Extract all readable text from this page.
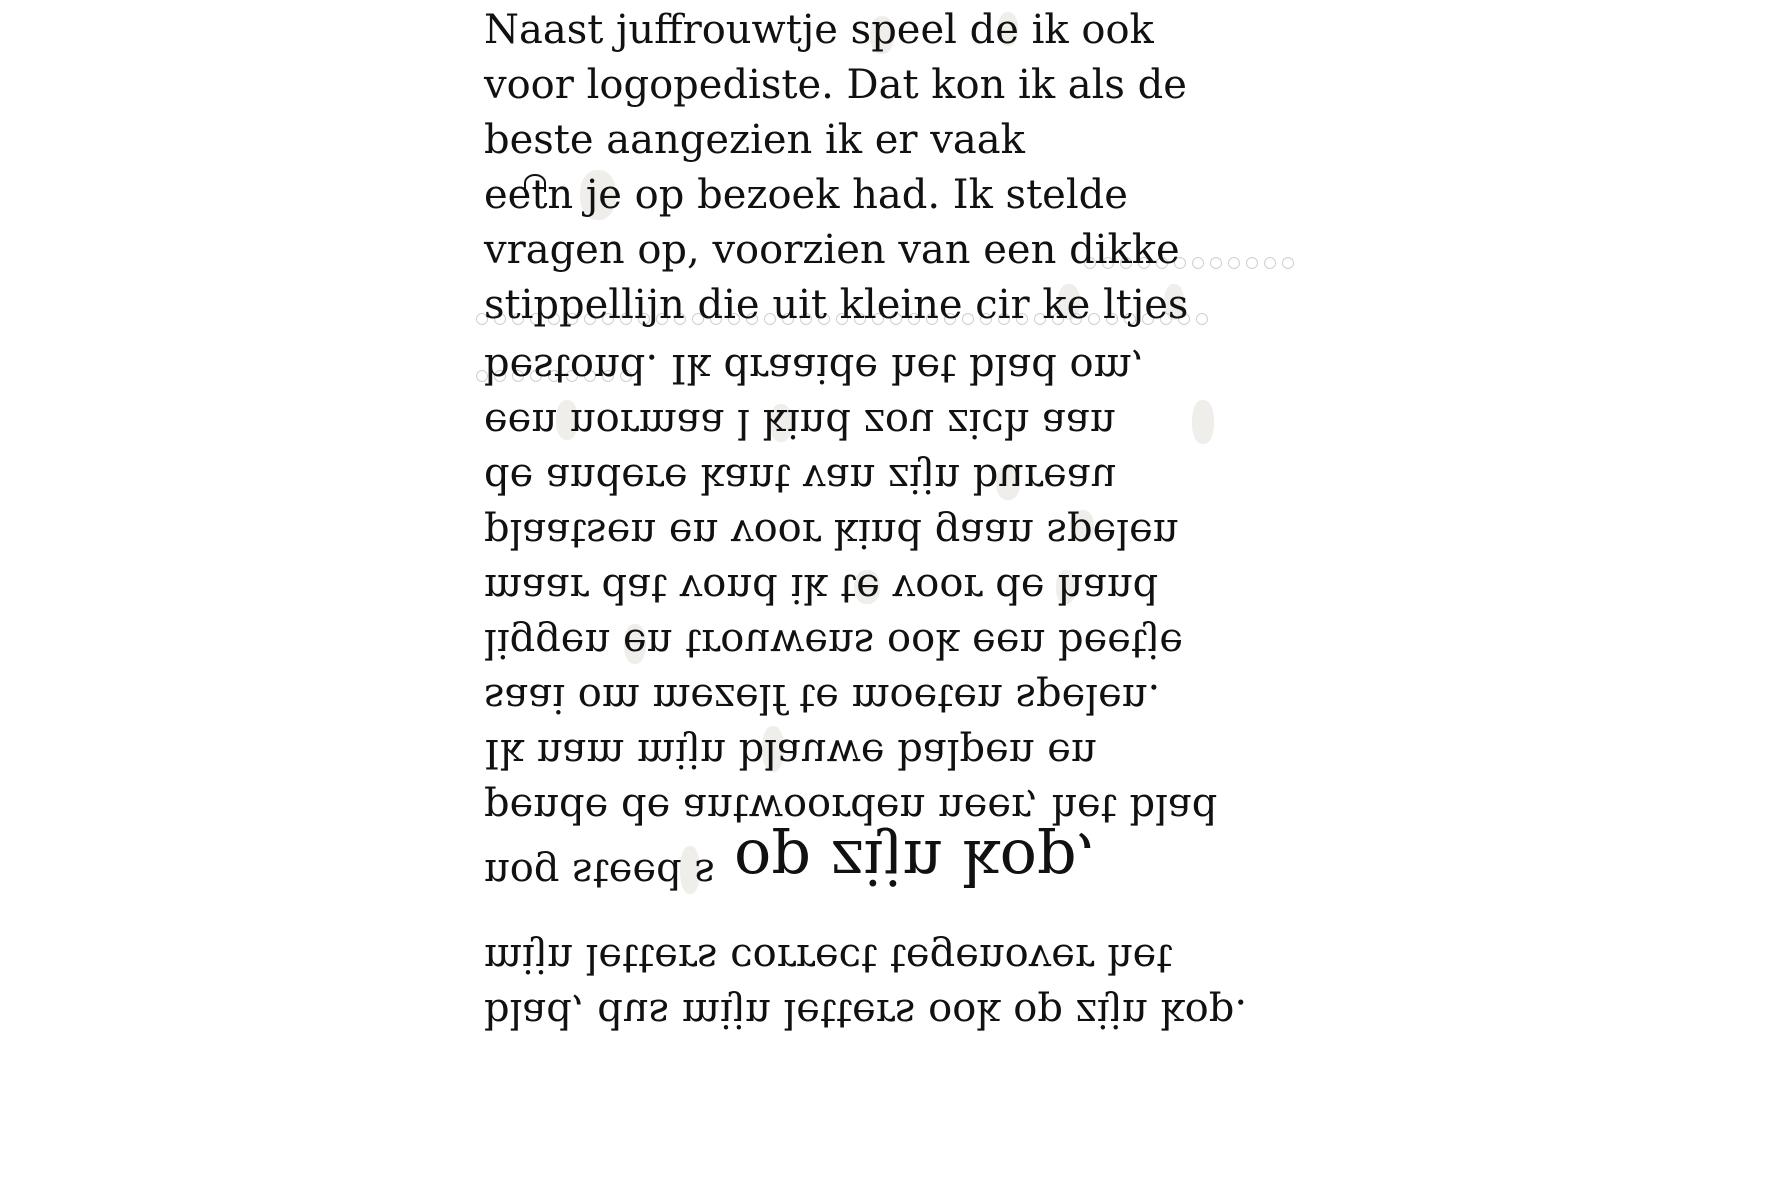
Naast juffrouwtje speel de ik ook
voor logopediste. Dat kon ik als de
beste aangezien ik er vaak
eetn je op bezoek had. Ik stelde
vragen op, voorzien van een dikke
stippellijn die uit kleine cir ke ltjes
bestond. Ik draaide het blad om,
een normaa l kind zou zich aan
de andere kant van zijn bureau
plaatsen en voor kind gaan spelen
maar dat vond ik te voor de hand
liggen en trouwens ook een beetje
saai om mezelf te moeten spelen.
Ik nam mijn blauwe balpen en
pende de antwoorden neer, het blad
nog steed s op zijn kop,
mijn letters correct tegenover het
blad, dus mijn letters ook op zijn kop.
